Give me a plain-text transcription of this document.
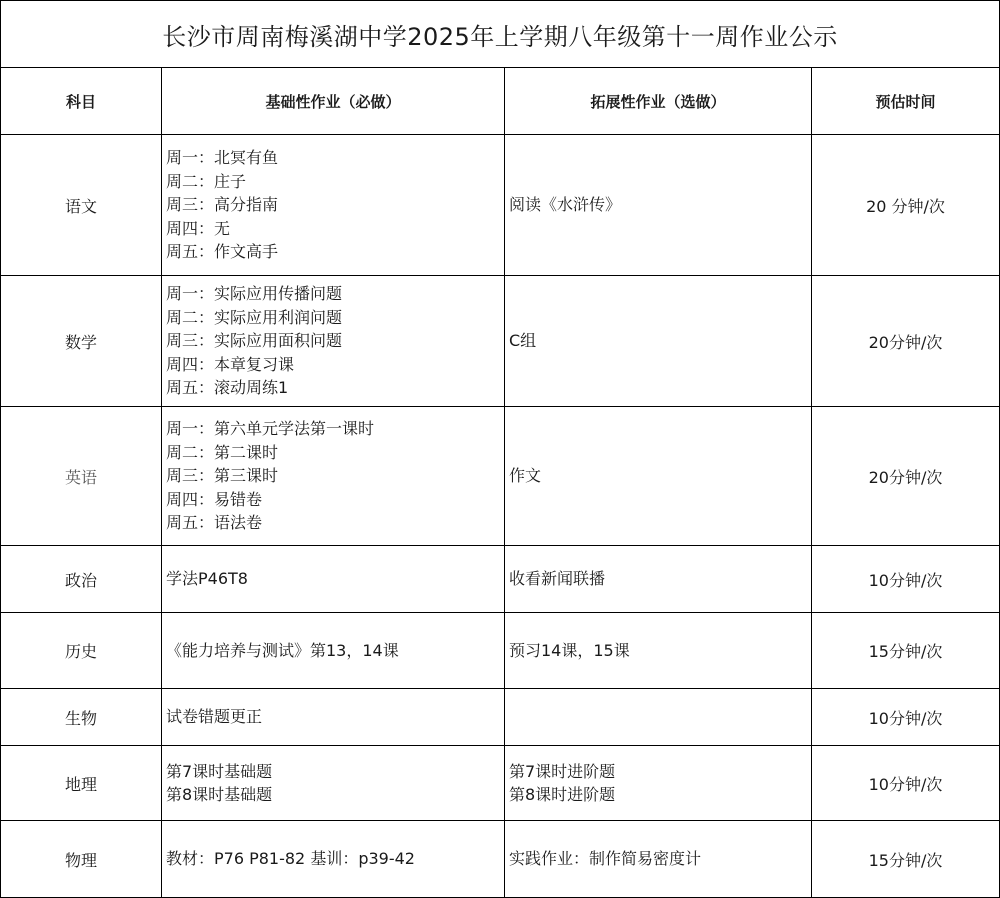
长沙市周南梅溪湖中学2025年上学期八年级第十一周作业公示			
科目	基础性作业（必做）	拓展性作业（选做）	预估时间
语文	周一：北冥有鱼
周二：庄子
周三：高分指南
周四：无
周五：作文高手	阅读《水浒传》	20 分钟/次
数学	周一：实际应用传播问题
周二：实际应用利润问题
周三：实际应用面积问题
周四：本章复习课
周五：滚动周练1	C组	20分钟/次
英语	周一：第六单元学法第一课时
周二：第二课时
周三：第三课时
周四：易错卷
周五：语法卷	作文	20分钟/次
政治	学法P46T8	收看新闻联播	10分钟/次
历史	《能力培养与测试》第13，14课	预习14课，15课	15分钟/次
生物	试卷错题更正		10分钟/次
地理	第7课时基础题
第8课时基础题	第7课时进阶题
第8课时进阶题	10分钟/次
物理	教材：P76 P81-82 基训：p39-42	实践作业：制作简易密度计	15分钟/次
